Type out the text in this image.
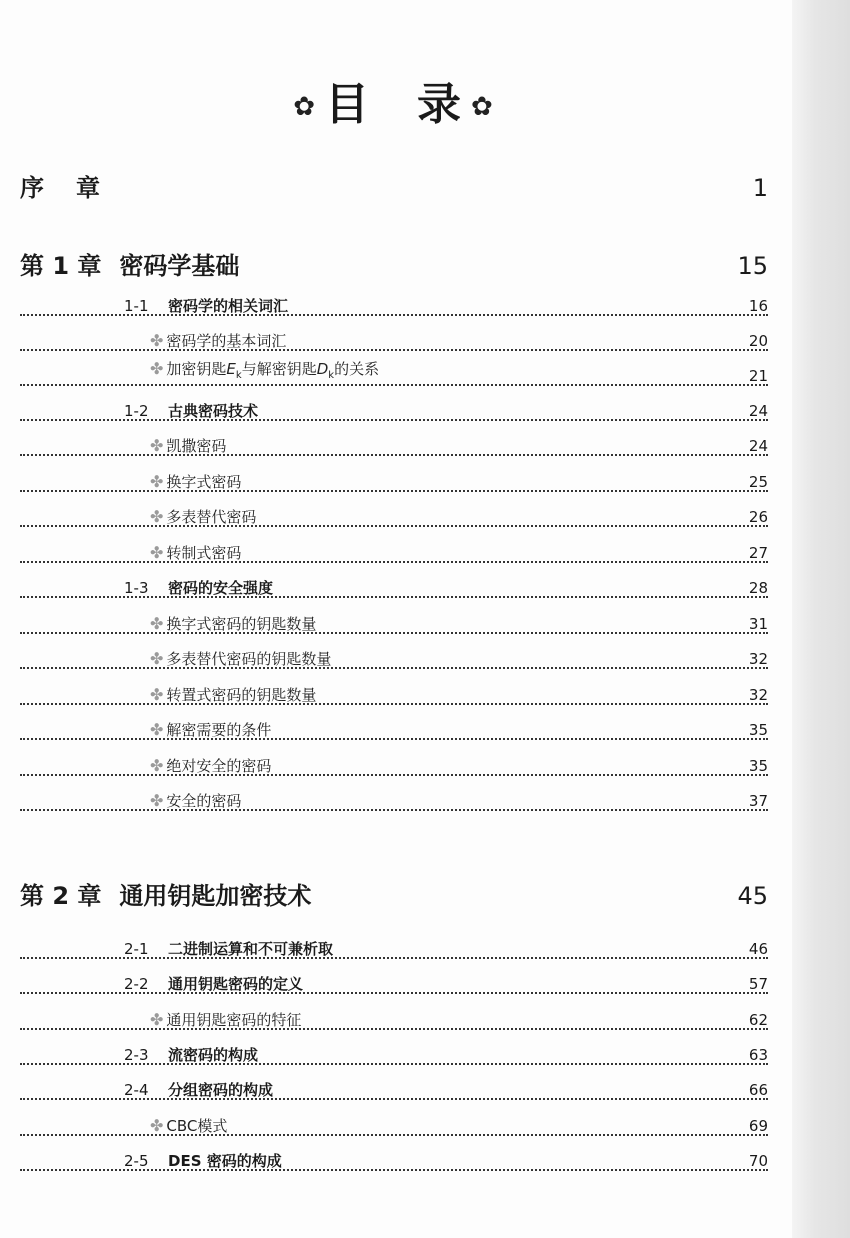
✿ 目 录 ✿
序 章	1
第 1 章 密码学基础	15
1-1 密码学的相关词汇	16
✤ 密码学的基本词汇	20
✤ 加密钥匙$E_k$与解密钥匙$D_k$的关系	21
1-2 古典密码技术	24
✤ 凯撒密码	24
✤ 换字式密码	25
✤ 多表替代密码	26
✤ 转制式密码	27
1-3 密码的安全强度	28
✤ 换字式密码的钥匙数量	31
✤ 多表替代密码的钥匙数量	32
✤ 转置式密码的钥匙数量	32
✤ 解密需要的条件	35
✤ 绝对安全的密码	35
✤ 安全的密码	37
第 2 章 通用钥匙加密技术	45
2-1 二进制运算和不可兼析取	46
2-2 通用钥匙密码的定义	57
✤ 通用钥匙密码的特征	62
2-3 流密码的构成	63
2-4 分组密码的构成	66
✤ CBC模式	69
2-5 DES 密码的构成	70
